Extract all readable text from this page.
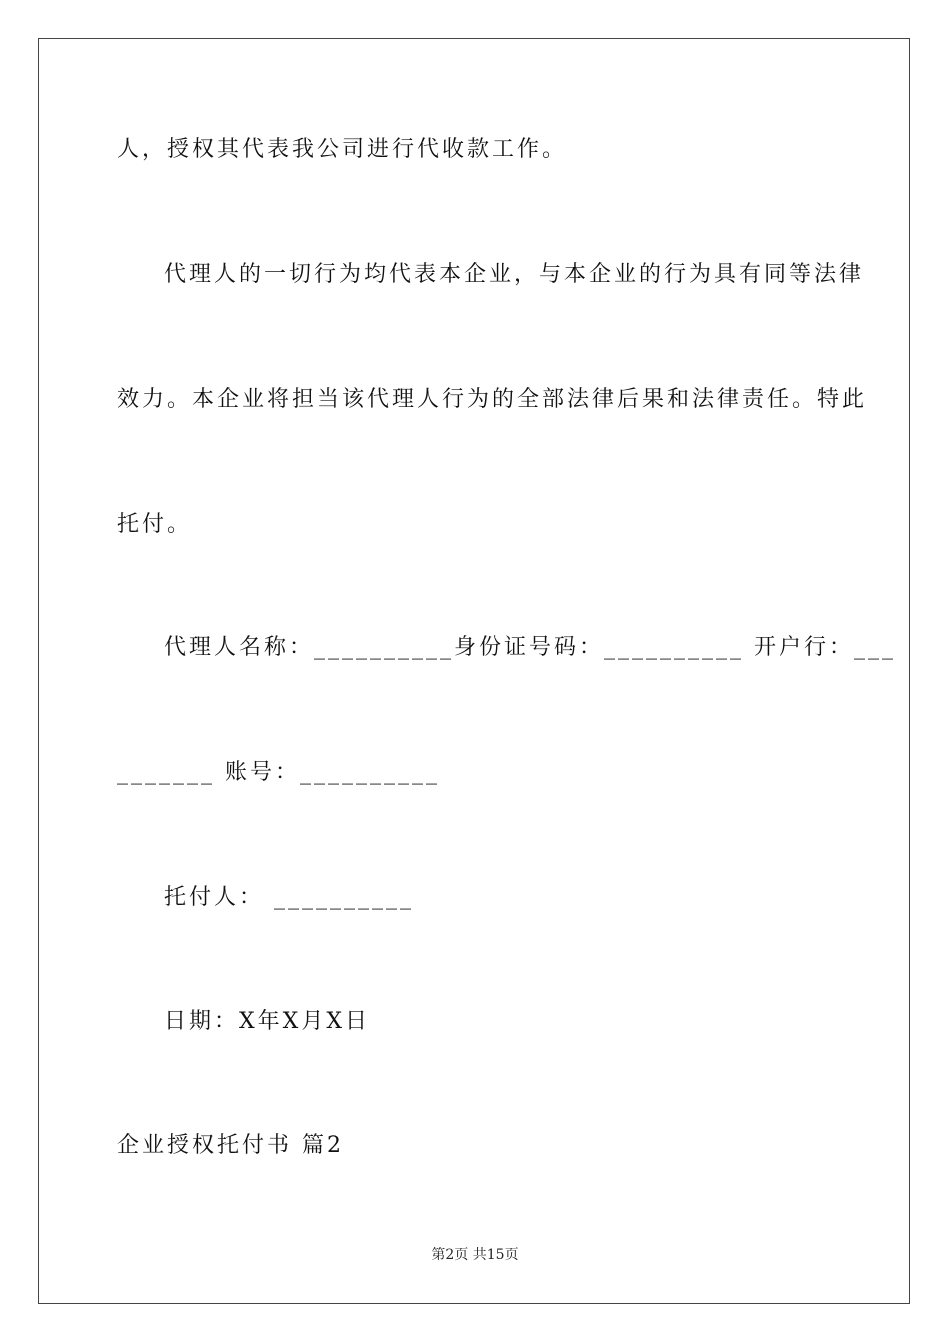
人，授权其代表我公司进行代收款工作。
代理人的一切行为均代表本企业，与本企业的行为具有同等法律
效力。本企业将担当该代理人行为的全部法律后果和法律责任。特此
托付。
代理人名称：__________身份证号码：__________ 开户行：___
_______ 账号：__________
托付人： __________
日期：X年X月X日
企业授权托付书 篇2
第2页 共15页
